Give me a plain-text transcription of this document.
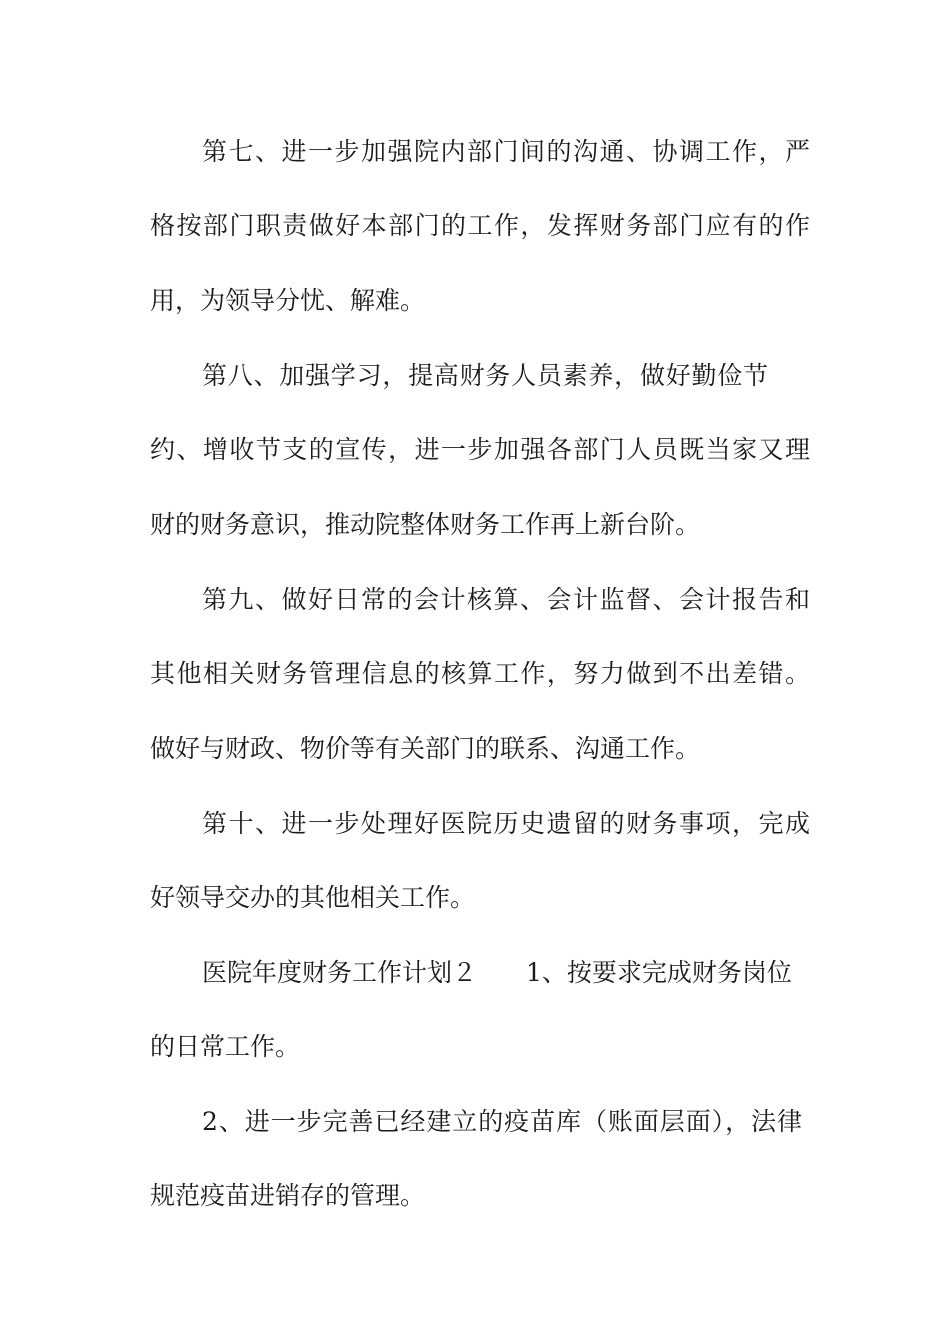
第七、进一步加强院内部门间的沟通、协调工作，严
格按部门职责做好本部门的工作，发挥财务部门应有的作
用，为领导分忧、解难。
第八、加强学习，提高财务人员素养，做好勤俭节
约、增收节支的宣传，进一步加强各部门人员既当家又理
财的财务意识，推动院整体财务工作再上新台阶。
第九、做好日常的会计核算、会计监督、会计报告和
其他相关财务管理信息的核算工作，努力做到不出差错。
做好与财政、物价等有关部门的联系、沟通工作。
第十、进一步处理好医院历史遗留的财务事项，完成
好领导交办的其他相关工作。
医院年度财务工作计划２ 1、按要求完成财务岗位
的日常工作。
2、进一步完善已经建立的疫苗库（账面层面），法律
规范疫苗进销存的管理。
